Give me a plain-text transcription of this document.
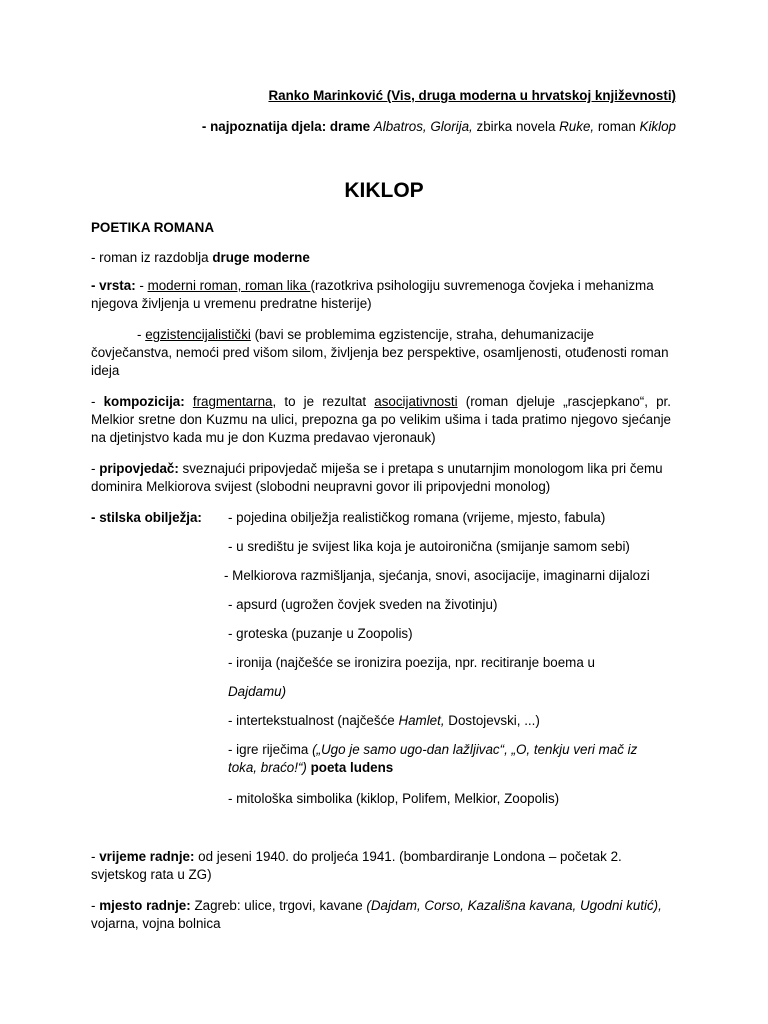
Ranko Marinković (Vis, druga moderna u hrvatskoj književnosti)

- najpoznatija djela: drame Albatros, Glorija, zbirka novela Ruke, roman Kiklop

KIKLOP

POETIKA ROMANA

- roman iz razdoblja druge moderne

- vrsta: - moderni roman, roman lika (razotkriva psihologiju suvremenoga čovjeka i mehanizma njegova življenja u vremenu predratne histerije)

- egzistencijalistički (bavi se problemima egzistencije, straha, dehumanizacije čovječanstva, nemoći pred višom silom, življenja bez perspektive, osamljenosti, otuđenosti roman ideja

- kompozicija: fragmentarna, to je rezultat asocijativnosti (roman djeluje „rascjepkano“, pr. Melkior sretne don Kuzmu na ulici, prepozna ga po velikim ušima i tada pratimo njegovo sjećanje na djetinjstvo kada mu je don Kuzma predavao vjeronauk)

- pripovjedač: sveznajući pripovjedač miješa se i pretapa s unutarnjim monologom lika pri čemu dominira Melkiorova svijest (slobodni neupravni govor ili pripovjedni monolog)

- stilska obilježja: - pojedina obilježja realističkog romana (vrijeme, mjesto, fabula)

- u središtu je svijest lika koja je autoironična (smijanje samom sebi)

- Melkiorova razmišljanja, sjećanja, snovi, asocijacije, imaginarni dijalozi

- apsurd (ugrožen čovjek sveden na životinju)

- groteska (puzanje u Zoopolis)

- ironija (najčešće se ironizira poezija, npr. recitiranje boema u

Dajdamu)

- intertekstualnost (najčešće Hamlet, Dostojevski, ...)

- igre riječima („Ugo je samo ugo-dan lažljivac“, „O, tenkju veri mač iz toka, braćo!“) poeta ludens

- mitološka simbolika (kiklop, Polifem, Melkior, Zoopolis)

- vrijeme radnje: od jeseni 1940. do proljeća 1941. (bombardiranje Londona – početak 2. svjetskog rata u ZG)

- mjesto radnje: Zagreb: ulice, trgovi, kavane (Dajdam, Corso, Kazališna kavana, Ugodni kutić), vojarna, vojna bolnica
